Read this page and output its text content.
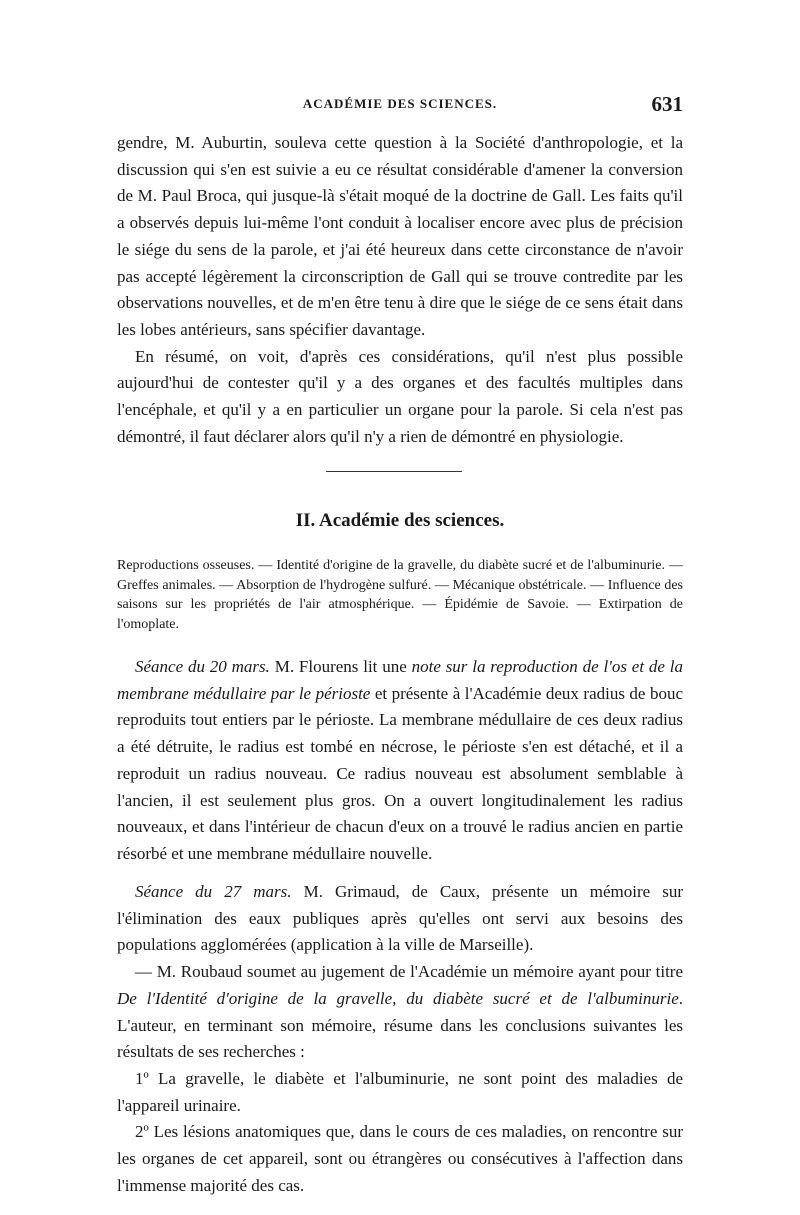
ACADÉMIE DES SCIENCES.	631

gendre, M. Auburtin, souleva cette question à la Société d'anthropologie, et la discussion qui s'en est suivie a eu ce résultat considérable d'amener la conversion de M. Paul Broca, qui jusque-là s'était moqué de la doctrine de Gall. Les faits qu'il a observés depuis lui-même l'ont conduit à localiser encore avec plus de précision le siége du sens de la parole, et j'ai été heureux dans cette circonstance de n'avoir pas accepté légèrement la circonscription de Gall qui se trouve contredite par les observations nouvelles, et de m'en être tenu à dire que le siége de ce sens était dans les lobes antérieurs, sans spécifier davantage.

En résumé, on voit, d'après ces considérations, qu'il n'est plus possible aujourd'hui de contester qu'il y a des organes et des facultés multiples dans l'encéphale, et qu'il y a en particulier un organe pour la parole. Si cela n'est pas démontré, il faut déclarer alors qu'il n'y a rien de démontré en physiologie.

II. Académie des sciences.

Reproductions osseuses. — Identité d'origine de la gravelle, du diabète sucré et de l'albuminurie. — Greffes animales. — Absorption de l'hydrogène sulfuré. — Mécanique obstétricale. — Influence des saisons sur les propriétés de l'air atmosphérique. — Épidémie de Savoie. — Extirpation de l'omoplate.

Séance du 20 mars. M. Flourens lit une note sur la reproduction de l'os et de la membrane médullaire par le périoste et présente à l'Académie deux radius de bouc reproduits tout entiers par le périoste. La membrane médullaire de ces deux radius a été détruite, le radius est tombé en nécrose, le périoste s'en est détaché, et il a reproduit un radius nouveau. Ce radius nouveau est absolument semblable à l'ancien, il est seulement plus gros. On a ouvert longitudinalement les radius nouveaux, et dans l'intérieur de chacun d'eux on a trouvé le radius ancien en partie résorbé et une membrane médullaire nouvelle.

Séance du 27 mars. M. Grimaud, de Caux, présente un mémoire sur l'élimination des eaux publiques après qu'elles ont servi aux besoins des populations agglomérées (application à la ville de Marseille).

— M. Roubaud soumet au jugement de l'Académie un mémoire ayant pour titre De l'Identité d'origine de la gravelle, du diabète sucré et de l'albuminurie. L'auteur, en terminant son mémoire, résume dans les conclusions suivantes les résultats de ses recherches :

1º La gravelle, le diabète et l'albuminurie, ne sont point des maladies de l'appareil urinaire.

2º Les lésions anatomiques que, dans le cours de ces maladies, on rencontre sur les organes de cet appareil, sont ou étrangères ou consécutives à l'affection dans l'immense majorité des cas.
